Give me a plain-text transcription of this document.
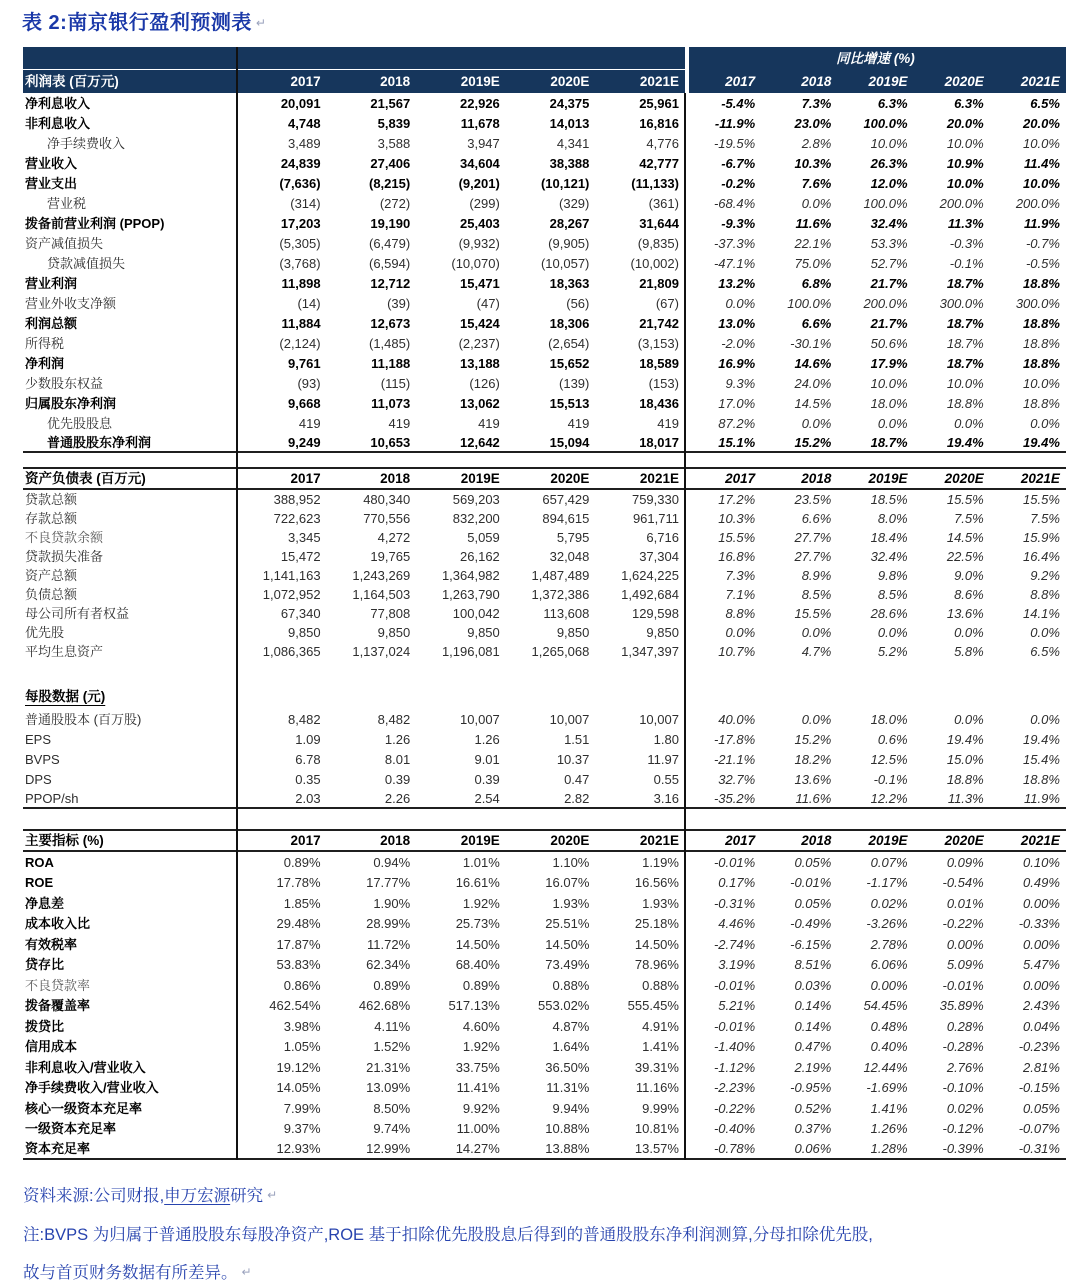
表 2:南京银行盈利预测表 ↵
同比增速 (%)
利润表 (百万元)	2017	2018	2019E	2020E	2021E	2017	2018	2019E	2020E	2021E
净利息收入	20,091	21,567	22,926	24,375	25,961	-5.4%	7.3%	6.3%	6.3%	6.5%
非利息收入	4,748	5,839	11,678	14,013	16,816	-11.9%	23.0%	100.0%	20.0%	20.0%
净手续费收入	3,489	3,588	3,947	4,341	4,776	-19.5%	2.8%	10.0%	10.0%	10.0%
营业收入	24,839	27,406	34,604	38,388	42,777	-6.7%	10.3%	26.3%	10.9%	11.4%
营业支出	(7,636)	(8,215)	(9,201)	(10,121)	(11,133)	-0.2%	7.6%	12.0%	10.0%	10.0%
营业税	(314)	(272)	(299)	(329)	(361)	-68.4%	0.0%	100.0%	200.0%	200.0%
拨备前营业利润 (PPOP)	17,203	19,190	25,403	28,267	31,644	-9.3%	11.6%	32.4%	11.3%	11.9%
资产减值损失	(5,305)	(6,479)	(9,932)	(9,905)	(9,835)	-37.3%	22.1%	53.3%	-0.3%	-0.7%
贷款减值损失	(3,768)	(6,594)	(10,070)	(10,057)	(10,002)	-47.1%	75.0%	52.7%	-0.1%	-0.5%
营业利润	11,898	12,712	15,471	18,363	21,809	13.2%	6.8%	21.7%	18.7%	18.8%
营业外收支净额	(14)	(39)	(47)	(56)	(67)	0.0%	100.0%	200.0%	300.0%	300.0%
利润总额	11,884	12,673	15,424	18,306	21,742	13.0%	6.6%	21.7%	18.7%	18.8%
所得税	(2,124)	(1,485)	(2,237)	(2,654)	(3,153)	-2.0%	-30.1%	50.6%	18.7%	18.8%
净利润	9,761	11,188	13,188	15,652	18,589	16.9%	14.6%	17.9%	18.7%	18.8%
少数股东权益	(93)	(115)	(126)	(139)	(153)	9.3%	24.0%	10.0%	10.0%	10.0%
归属股东净利润	9,668	11,073	13,062	15,513	18,436	17.0%	14.5%	18.0%	18.8%	18.8%
优先股股息	419	419	419	419	419	87.2%	0.0%	0.0%	0.0%	0.0%
普通股股东净利润	9,249	10,653	12,642	15,094	18,017	15.1%	15.2%	18.7%	19.4%	19.4%
资产负债表 (百万元)	2017	2018	2019E	2020E	2021E	2017	2018	2019E	2020E	2021E
贷款总额	388,952	480,340	569,203	657,429	759,330	17.2%	23.5%	18.5%	15.5%	15.5%
存款总额	722,623	770,556	832,200	894,615	961,711	10.3%	6.6%	8.0%	7.5%	7.5%
不良贷款余额	3,345	4,272	5,059	5,795	6,716	15.5%	27.7%	18.4%	14.5%	15.9%
贷款损失准备	15,472	19,765	26,162	32,048	37,304	16.8%	27.7%	32.4%	22.5%	16.4%
资产总额	1,141,163	1,243,269	1,364,982	1,487,489	1,624,225	7.3%	8.9%	9.8%	9.0%	9.2%
负债总额	1,072,952	1,164,503	1,263,790	1,372,386	1,492,684	7.1%	8.5%	8.5%	8.6%	8.8%
母公司所有者权益	67,340	77,808	100,042	113,608	129,598	8.8%	15.5%	28.6%	13.6%	14.1%
优先股	9,850	9,850	9,850	9,850	9,850	0.0%	0.0%	0.0%	0.0%	0.0%
平均生息资产	1,086,365	1,137,024	1,196,081	1,265,068	1,347,397	10.7%	4.7%	5.2%	5.8%	6.5%
每股数据 (元)
普通股股本 (百万股)	8,482	8,482	10,007	10,007	10,007	40.0%	0.0%	18.0%	0.0%	0.0%
EPS	1.09	1.26	1.26	1.51	1.80	-17.8%	15.2%	0.6%	19.4%	19.4%
BVPS	6.78	8.01	9.01	10.37	11.97	-21.1%	18.2%	12.5%	15.0%	15.4%
DPS	0.35	0.39	0.39	0.47	0.55	32.7%	13.6%	-0.1%	18.8%	18.8%
PPOP/sh	2.03	2.26	2.54	2.82	3.16	-35.2%	11.6%	12.2%	11.3%	11.9%
主要指标 (%)	2017	2018	2019E	2020E	2021E	2017	2018	2019E	2020E	2021E
ROA	0.89%	0.94%	1.01%	1.10%	1.19%	-0.01%	0.05%	0.07%	0.09%	0.10%
ROE	17.78%	17.77%	16.61%	16.07%	16.56%	0.17%	-0.01%	-1.17%	-0.54%	0.49%
净息差	1.85%	1.90%	1.92%	1.93%	1.93%	-0.31%	0.05%	0.02%	0.01%	0.00%
成本收入比	29.48%	28.99%	25.73%	25.51%	25.18%	4.46%	-0.49%	-3.26%	-0.22%	-0.33%
有效税率	17.87%	11.72%	14.50%	14.50%	14.50%	-2.74%	-6.15%	2.78%	0.00%	0.00%
贷存比	53.83%	62.34%	68.40%	73.49%	78.96%	3.19%	8.51%	6.06%	5.09%	5.47%
不良贷款率	0.86%	0.89%	0.89%	0.88%	0.88%	-0.01%	0.03%	0.00%	-0.01%	0.00%
拨备覆盖率	462.54%	462.68%	517.13%	553.02%	555.45%	5.21%	0.14%	54.45%	35.89%	2.43%
拨贷比	3.98%	4.11%	4.60%	4.87%	4.91%	-0.01%	0.14%	0.48%	0.28%	0.04%
信用成本	1.05%	1.52%	1.92%	1.64%	1.41%	-1.40%	0.47%	0.40%	-0.28%	-0.23%
非利息收入/营业收入	19.12%	21.31%	33.75%	36.50%	39.31%	-1.12%	2.19%	12.44%	2.76%	2.81%
净手续费收入/营业收入	14.05%	13.09%	11.41%	11.31%	11.16%	-2.23%	-0.95%	-1.69%	-0.10%	-0.15%
核心一级资本充足率	7.99%	8.50%	9.92%	9.94%	9.99%	-0.22%	0.52%	1.41%	0.02%	0.05%
一级资本充足率	9.37%	9.74%	11.00%	10.88%	10.81%	-0.40%	0.37%	1.26%	-0.12%	-0.07%
资本充足率	12.93%	12.99%	14.27%	13.88%	13.57%	-0.78%	0.06%	1.28%	-0.39%	-0.31%
资料来源:公司财报,申万宏源研究 ↵
注:BVPS 为归属于普通股股东每股净资产,ROE 基于扣除优先股股息后得到的普通股股东净利润测算,分母扣除优先股,
故与首页财务数据有所差异。 ↵
